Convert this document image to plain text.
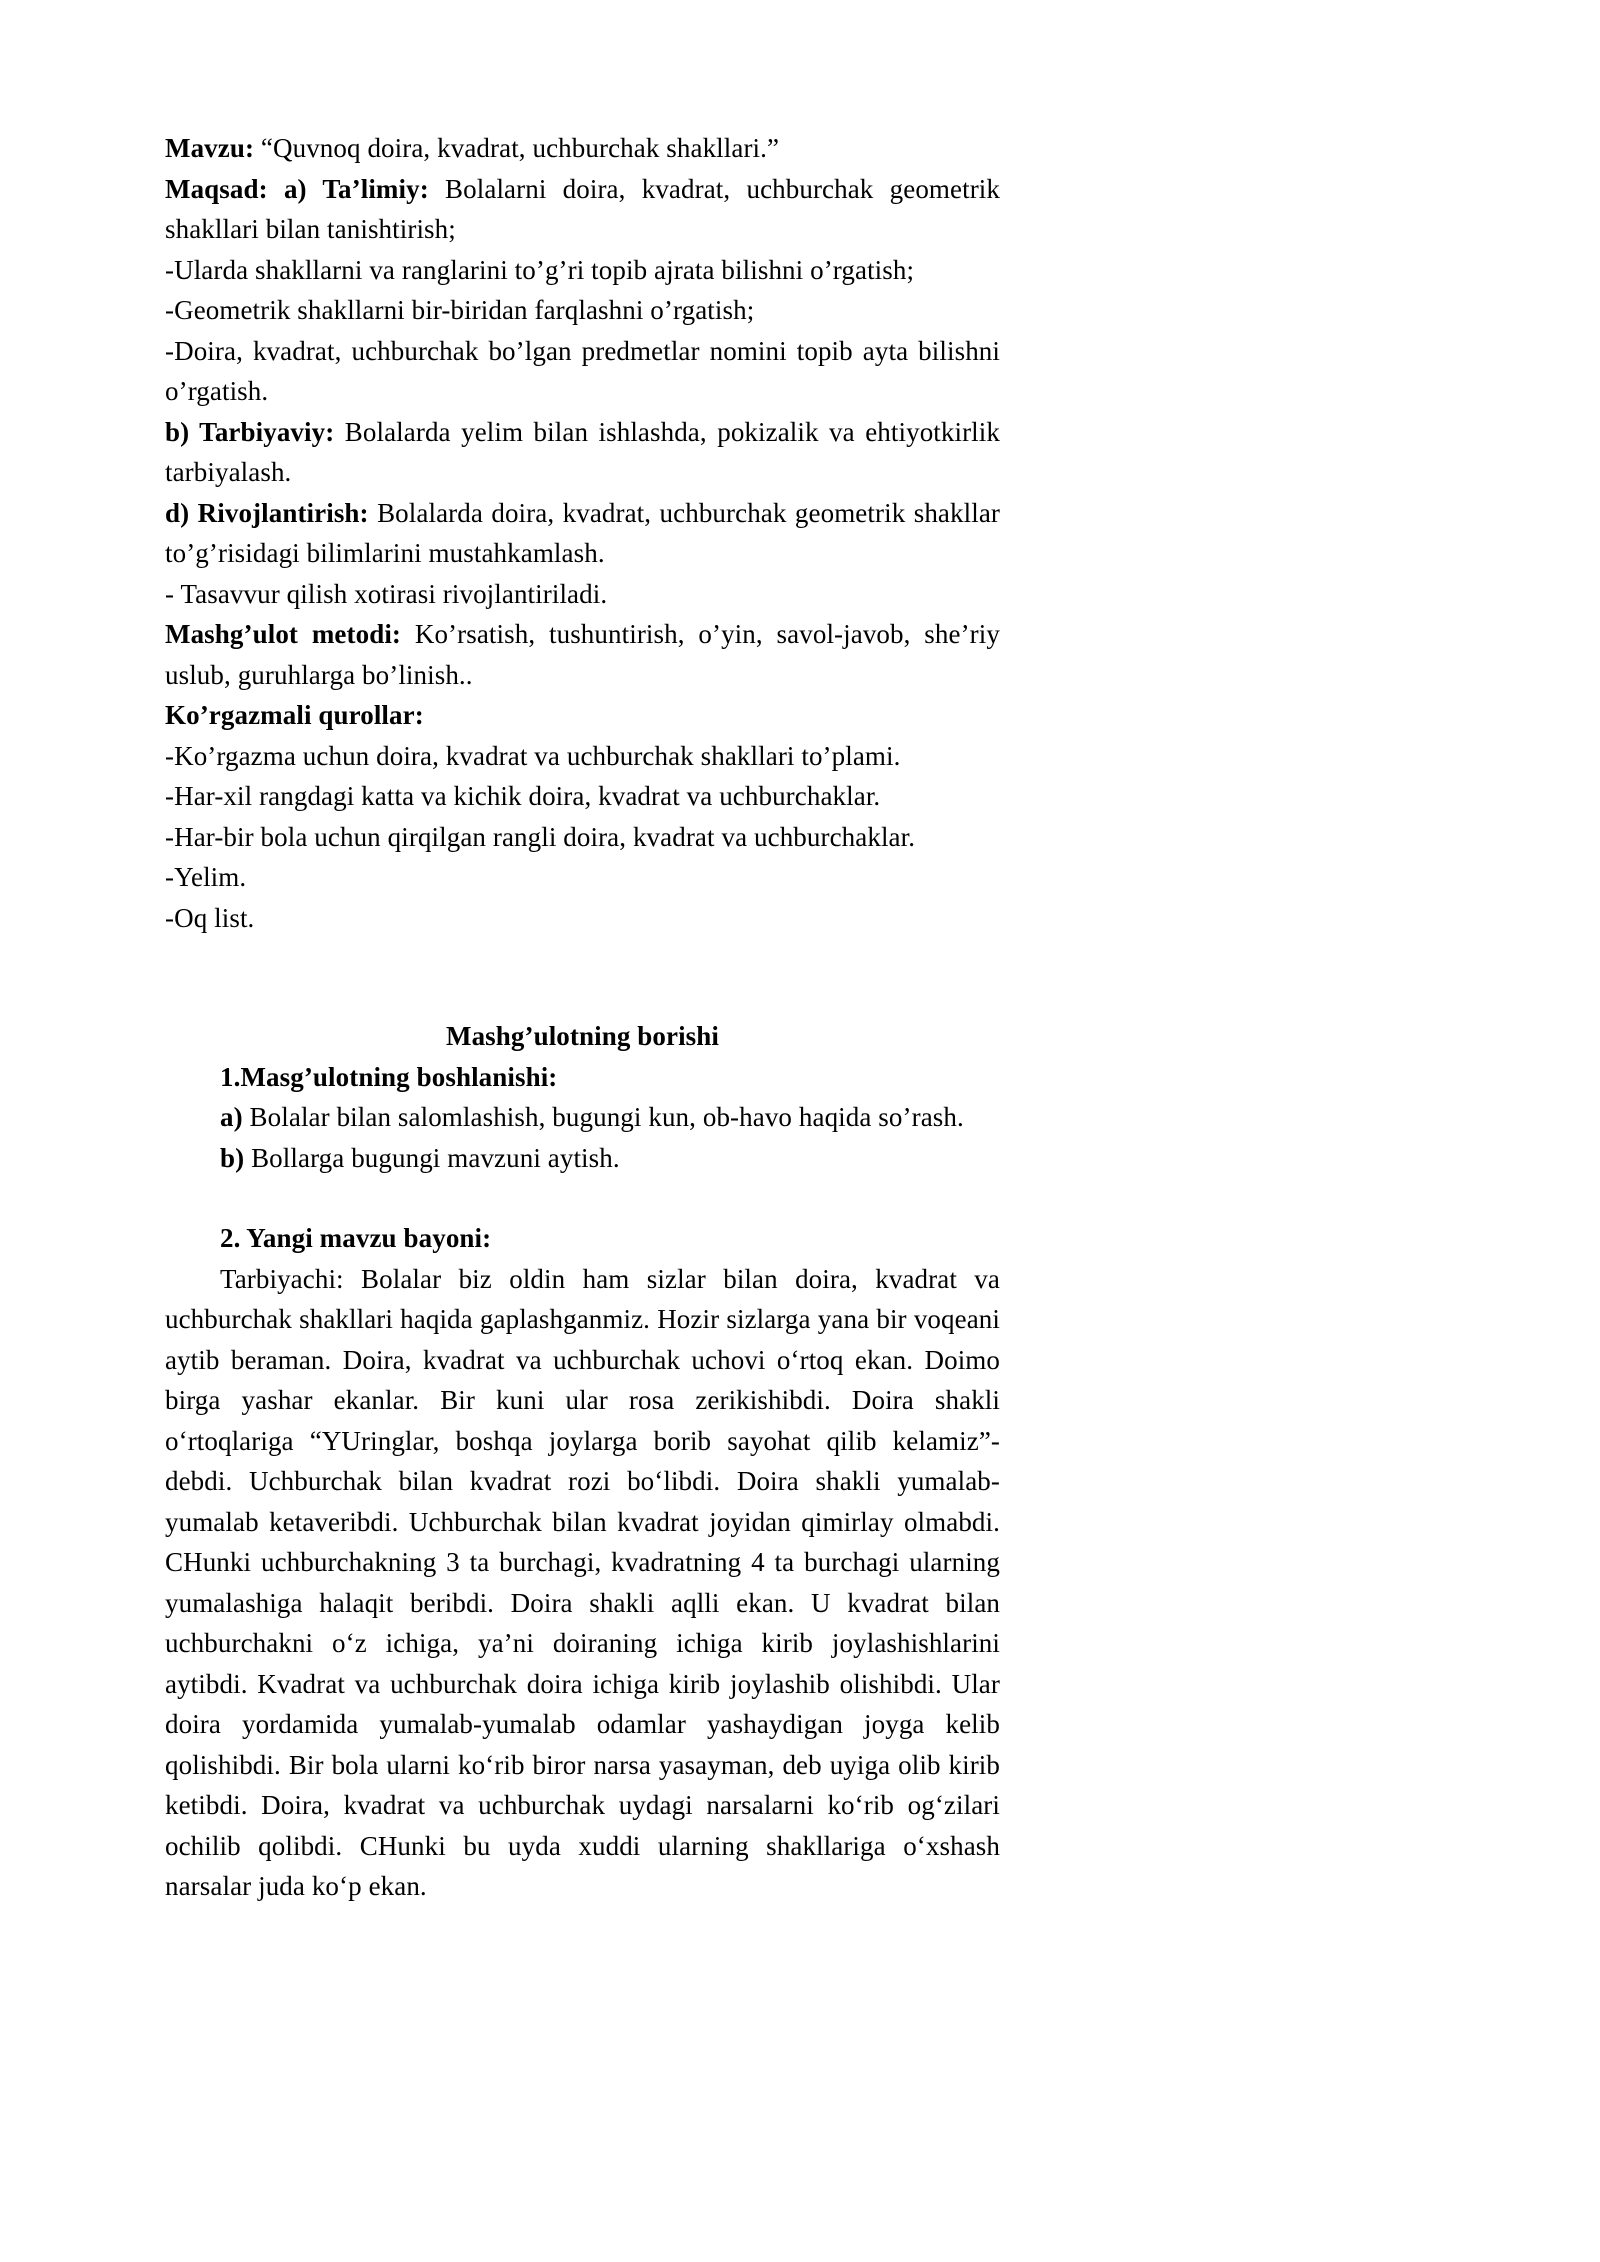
Mavzu: “Quvnoq doira, kvadrat, uchburchak shakllari.”

Maqsad: a) Ta’limiy: Bolalarni doira, kvadrat, uchburchak geometrik shakllari bilan tanishtirish;

-Ularda shakllarni va ranglarini to’g’ri topib ajrata bilishni o’rgatish;

-Geometrik shakllarni bir-biridan farqlashni o’rgatish;

-Doira, kvadrat, uchburchak bo’lgan predmetlar nomini topib ayta bilishni o’rgatish.

b) Tarbiyaviy: Bolalarda yelim bilan ishlashda, pokizalik va ehtiyotkirlik tarbiyalash.

d) Rivojlantirish: Bolalarda doira, kvadrat, uchburchak geometrik shakllar to’g’risidagi bilimlarini mustahkamlash.

- Tasavvur qilish xotirasi rivojlantiriladi.

Mashg’ulot metodi: Ko’rsatish, tushuntirish, o’yin, savol-javob, she’riy uslub, guruhlarga bo’linish..

Ko’rgazmali qurollar:

-Ko’rgazma uchun doira, kvadrat va uchburchak shakllari to’plami.

-Har-xil rangdagi katta va kichik doira, kvadrat va uchburchaklar.

-Har-bir bola uchun qirqilgan rangli doira, kvadrat va uchburchaklar.

-Yelim.

-Oq list.

Mashg’ulotning borishi

1.Masg’ulotning boshlanishi:

a) Bolalar bilan salomlashish, bugungi kun, ob-havo haqida so’rash.

b) Bollarga bugungi mavzuni aytish.

2. Yangi mavzu bayoni:

Tarbiyachi: Bolalar biz oldin ham sizlar bilan doira, kvadrat va uchburchak shakllari haqida gaplashganmiz. Hozir sizlarga yana bir voqeani aytib beraman. Doira, kvadrat va uchburchak uchovi o‘rtoq ekan. Doimo birga yashar ekanlar. Bir kuni ular rosa zerikishibdi. Doira shakli o‘rtoqlariga “YUringlar, boshqa joylarga borib sayohat qilib kelamiz”-debdi. Uchburchak bilan kvadrat rozi bo‘libdi. Doira shakli yumalab-yumalab ketaveribdi. Uchburchak bilan kvadrat joyidan qimirlay olmabdi. CHunki uchburchakning 3 ta burchagi, kvadratning 4 ta burchagi ularning yumalashiga halaqit beribdi. Doira shakli aqlli ekan. U kvadrat bilan uchburchakni o‘z ichiga, ya’ni doiraning ichiga kirib joylashishlarini aytibdi. Kvadrat va uchburchak doira ichiga kirib joylashib olishibdi. Ular doira yordamida yumalab-yumalab odamlar yashaydigan joyga kelib qolishibdi. Bir bola ularni ko‘rib biror narsa yasayman, deb uyiga olib kirib ketibdi. Doira, kvadrat va uchburchak uydagi narsalarni ko‘rib og‘zilari ochilib qolibdi. CHunki bu uyda xuddi ularning shakllariga o‘xshash narsalar juda ko‘p ekan.
